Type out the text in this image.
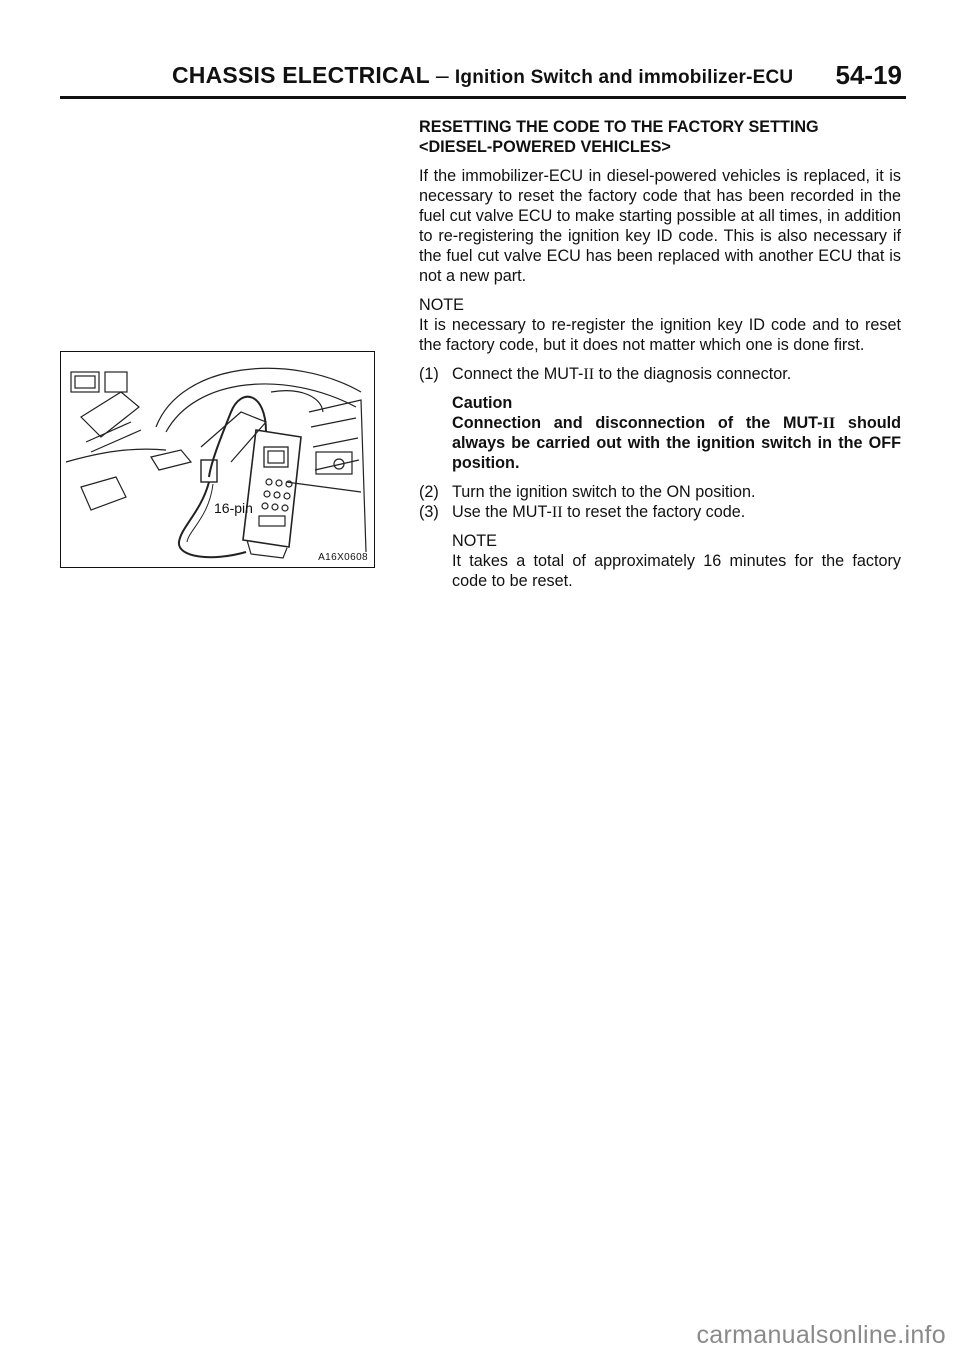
CHASSIS ELECTRICAL – Ignition Switch and immobilizer-ECU 54-19
16-pin
A16X0608

RESETTING THE CODE TO THE FACTORY SETTING

<DIESEL-POWERED VEHICLES>

If the immobilizer-ECU in diesel-powered vehicles is replaced, it is necessary to reset the factory code that has been recorded in the fuel cut valve ECU to make starting possible at all times, in addition to re-registering the ignition key ID code. This is also necessary if the fuel cut valve ECU has been replaced with another ECU that is not a new part.

NOTE

It is necessary to re-register the ignition key ID code and to reset the factory code, but it does not matter which one is done first.

(1) Connect the MUT-II to the diagnosis connector.

Caution

Connection and disconnection of the MUT-II should always be carried out with the ignition switch in the OFF position.

(2) Turn the ignition switch to the ON position.
(3) Use the MUT-II to reset the factory code.

NOTE

It takes a total of approximately 16 minutes for the factory code to be reset.

carmanualsonline.info
